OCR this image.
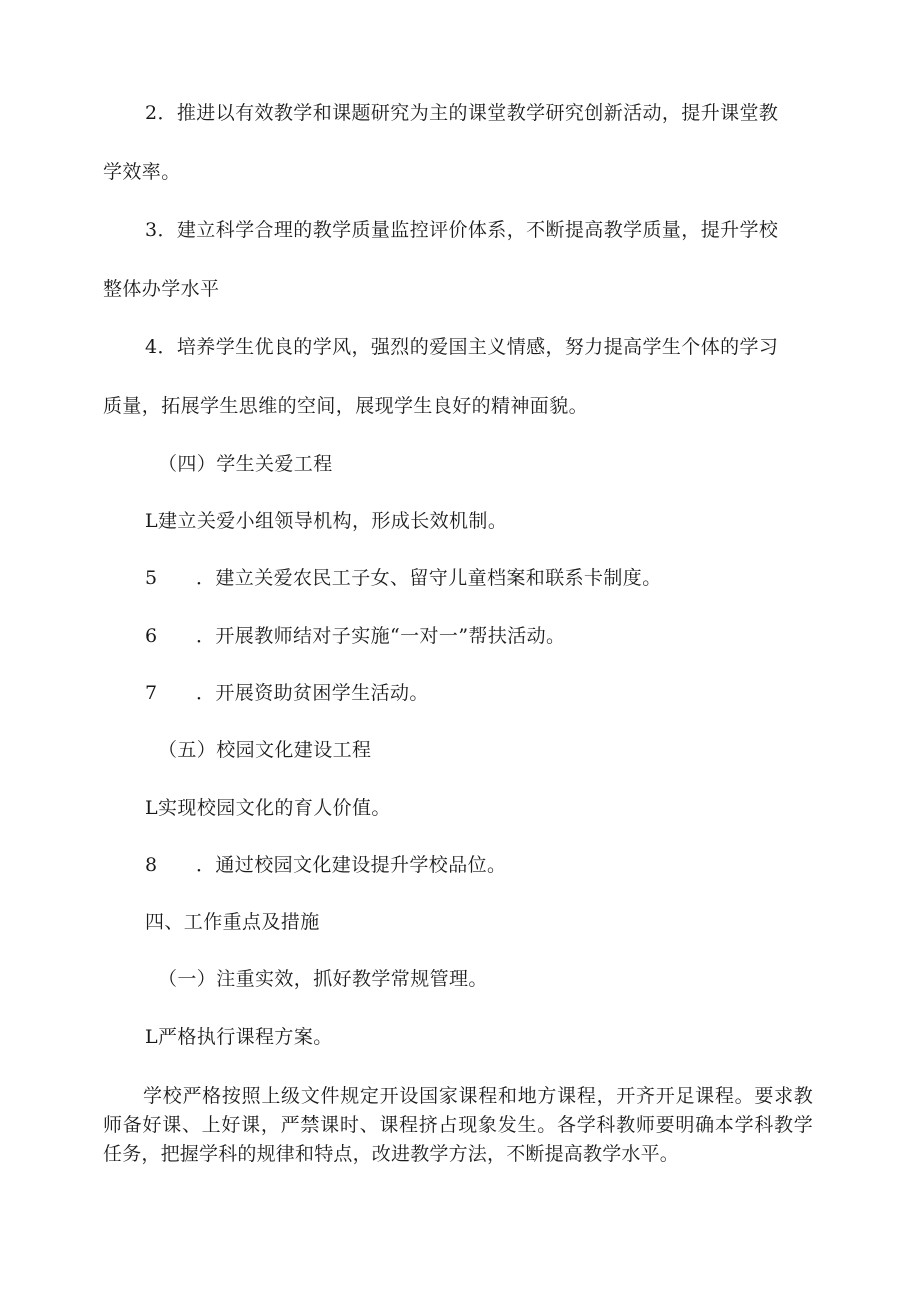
2．推进以有效教学和课题研究为主的课堂教学研究创新活动，提升课堂教
学效率。
3．建立科学合理的教学质量监控评价体系，不断提高教学质量，提升学校
整体办学水平
4．培养学生优良的学风，强烈的爱国主义情感，努力提高学生个体的学习
质量，拓展学生思维的空间，展现学生良好的精神面貌。
（四）学生关爱工程
L建立关爱小组领导机构，形成长效机制。
5 ．建立关爱农民工子女、留守儿童档案和联系卡制度。
6 ．开展教师结对子实施“一对一”帮扶活动。
7 ．开展资助贫困学生活动。
（五）校园文化建设工程
L实现校园文化的育人价值。
8 ．通过校园文化建设提升学校品位。
四、工作重点及措施
（一）注重实效，抓好教学常规管理。
L严格执行课程方案。
学校严格按照上级文件规定开设国家课程和地方课程，开齐开足课程。要求教师备好课、上好课，严禁课时、课程挤占现象发生。各学科教师要明确本学科教学任务，把握学科的规律和特点，改进教学方法，不断提高教学水平。
